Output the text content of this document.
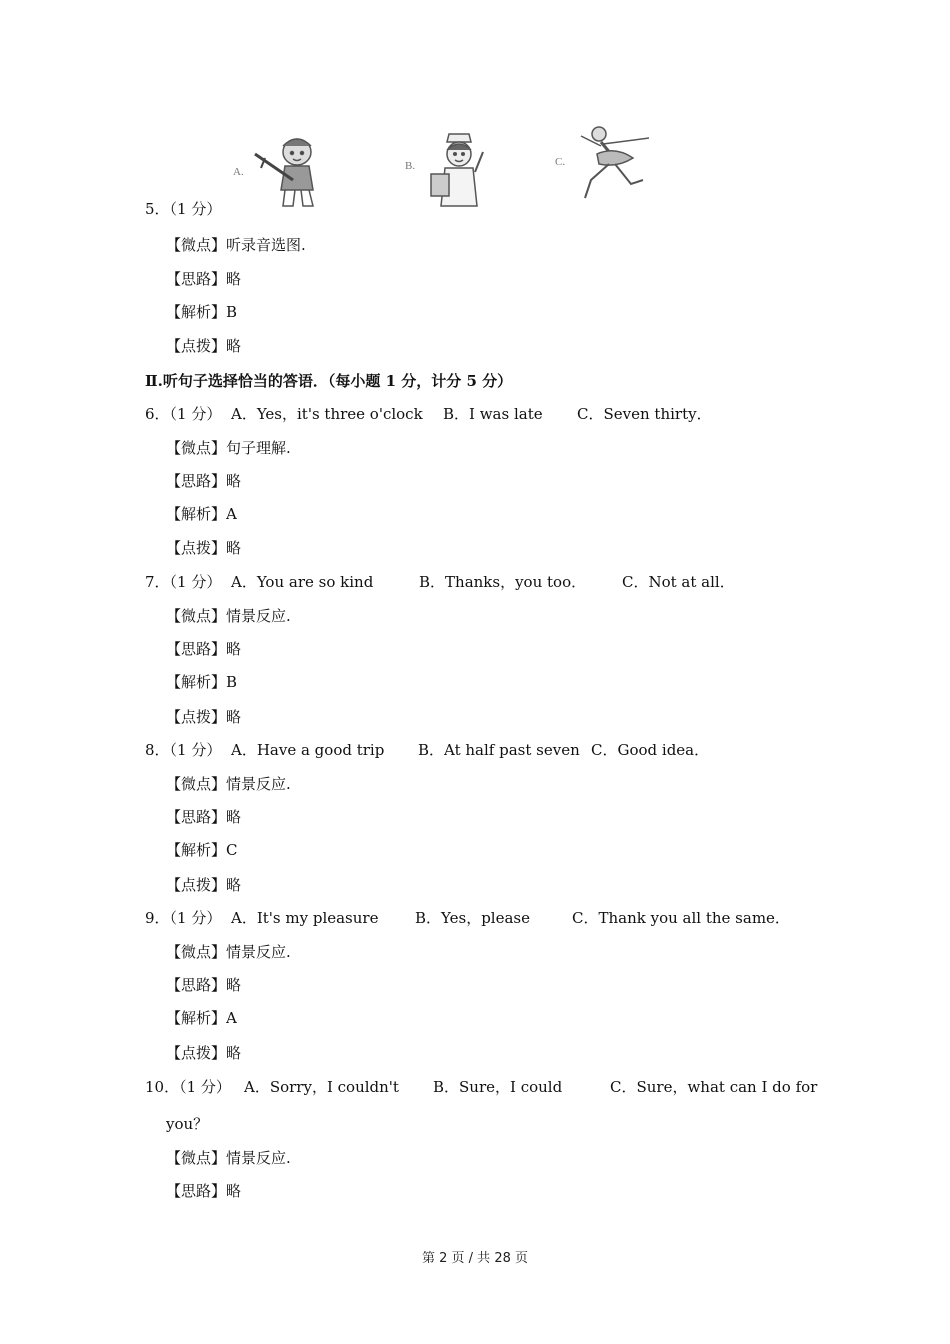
A.	B.	C.
5．（1 分）
【微点】听录音选图.
【思路】略
【解析】B
【点拨】略
Ⅱ.听句子选择恰当的答语．（每小题 1 分，计分 5 分）
6．（1 分） A．Yes，it's three o'clock B．I was late C．Seven thirty．
【微点】句子理解.
【思路】略
【解析】A
【点拨】略
7．（1 分） A．You are so kind	B．Thanks，you too． C．Not at all．
【微点】情景反应.
【思路】略
【解析】B
【点拨】略
8．（1 分） A．Have a good trip B．At half past seven C．Good idea．
【微点】情景反应.
【思路】略
【解析】C
【点拨】略
9．（1 分） A．It's my pleasure B．Yes，please	C．Thank you all the same．
【微点】情景反应.
【思路】略
【解析】A
【点拨】略
10．（1 分） A．Sorry，I couldn't B．Sure，I could	C．Sure，what can I do for
you？
【微点】情景反应.
【思路】略
第 2 页 / 共 28 页
